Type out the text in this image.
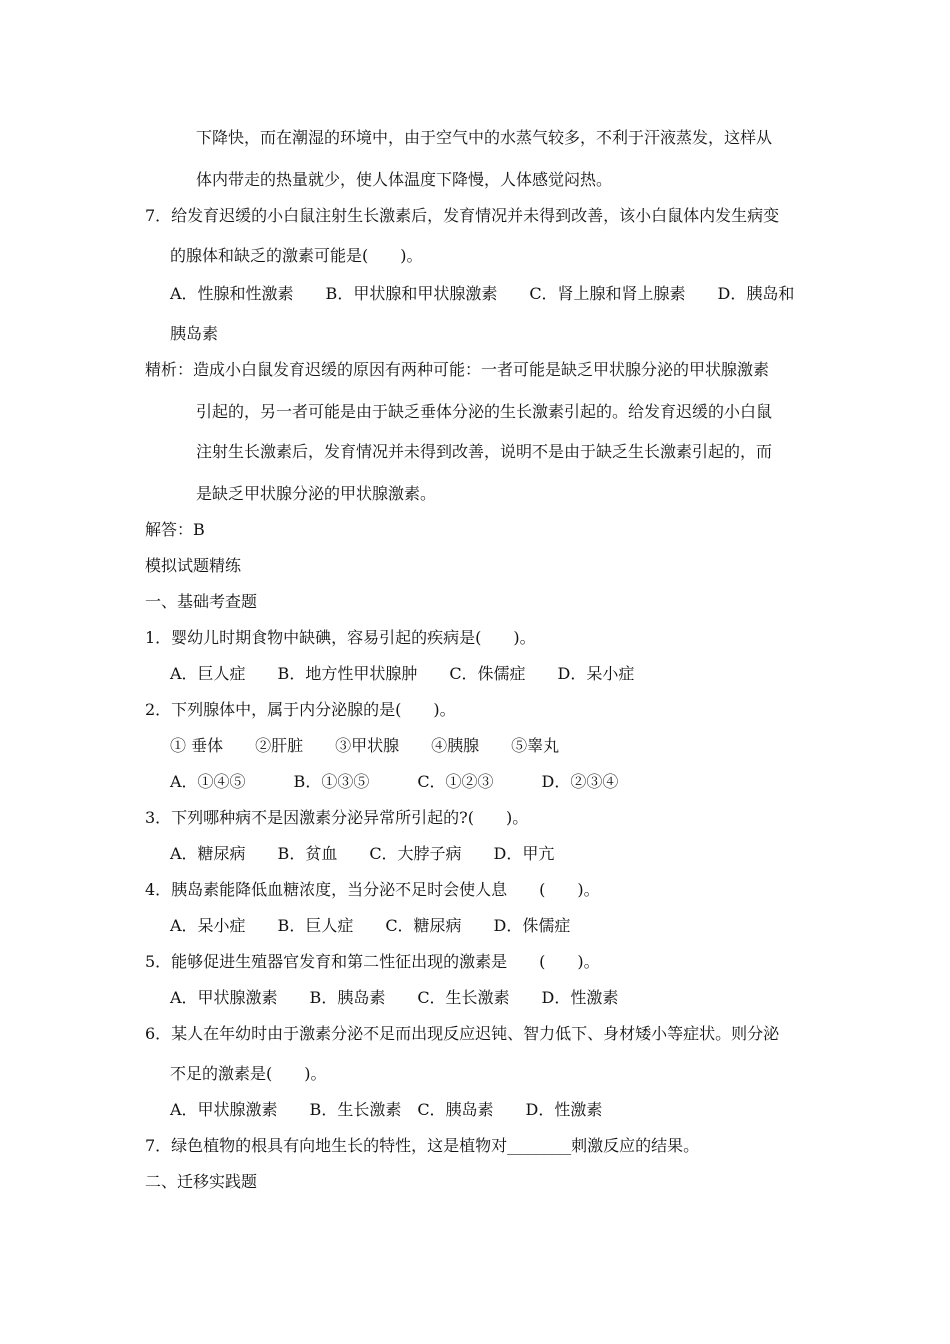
下降快，而在潮湿的环境中，由于空气中的水蒸气较多，不利于汗液蒸发，这样从
体内带走的热量就少，使人体温度下降慢，人体感觉闷热。
7．给发育迟缓的小白鼠注射生长激素后，发育情况并未得到改善，该小白鼠体内发生病变
的腺体和缺乏的激素可能是(　　)。
A．性腺和性激素　　B．甲状腺和甲状腺激素　　C．肾上腺和肾上腺素　　D．胰岛和
胰岛素
精析：造成小白鼠发育迟缓的原因有两种可能：一者可能是缺乏甲状腺分泌的甲状腺激素
引起的，另一者可能是由于缺乏垂体分泌的生长激素引起的。给发育迟缓的小白鼠
注射生长激素后，发育情况并未得到改善，说明不是由于缺乏生长激素引起的，而
是缺乏甲状腺分泌的甲状腺激素。
解答：B
模拟试题精练
一、基础考查题
1．婴幼儿时期食物中缺碘，容易引起的疾病是(　　)。
A．巨人症　　B．地方性甲状腺肿　　C．侏儒症　　D．呆小症
2．下列腺体中，属于内分泌腺的是(　　)。
① 垂体　　②肝脏　　③甲状腺　　④胰腺　　⑤睾丸
A．①④⑤　　　B．①③⑤　　　C．①②③　　　D．②③④
3．下列哪种病不是因激素分泌异常所引起的?(　　)。
A．糖尿病　　B．贫血　　C．大脖子病　　D．甲亢
4．胰岛素能降低血糖浓度，当分泌不足时会使人息　　(　　)。
A．呆小症　　B．巨人症　　C．糖尿病　　D．侏儒症
5．能够促进生殖器官发育和第二性征出现的激素是　　(　　)。
A．甲状腺激素　　B．胰岛素　　C．生长激素　　D．性激素
6．某人在年幼时由于激素分泌不足而出现反应迟钝、智力低下、身材矮小等症状。则分泌
不足的激素是(　　)。
A．甲状腺激素　　B．生长激素　C．胰岛素　　D．性激素
7．绿色植物的根具有向地生长的特性，这是植物对________刺激反应的结果。
二、迁移实践题
